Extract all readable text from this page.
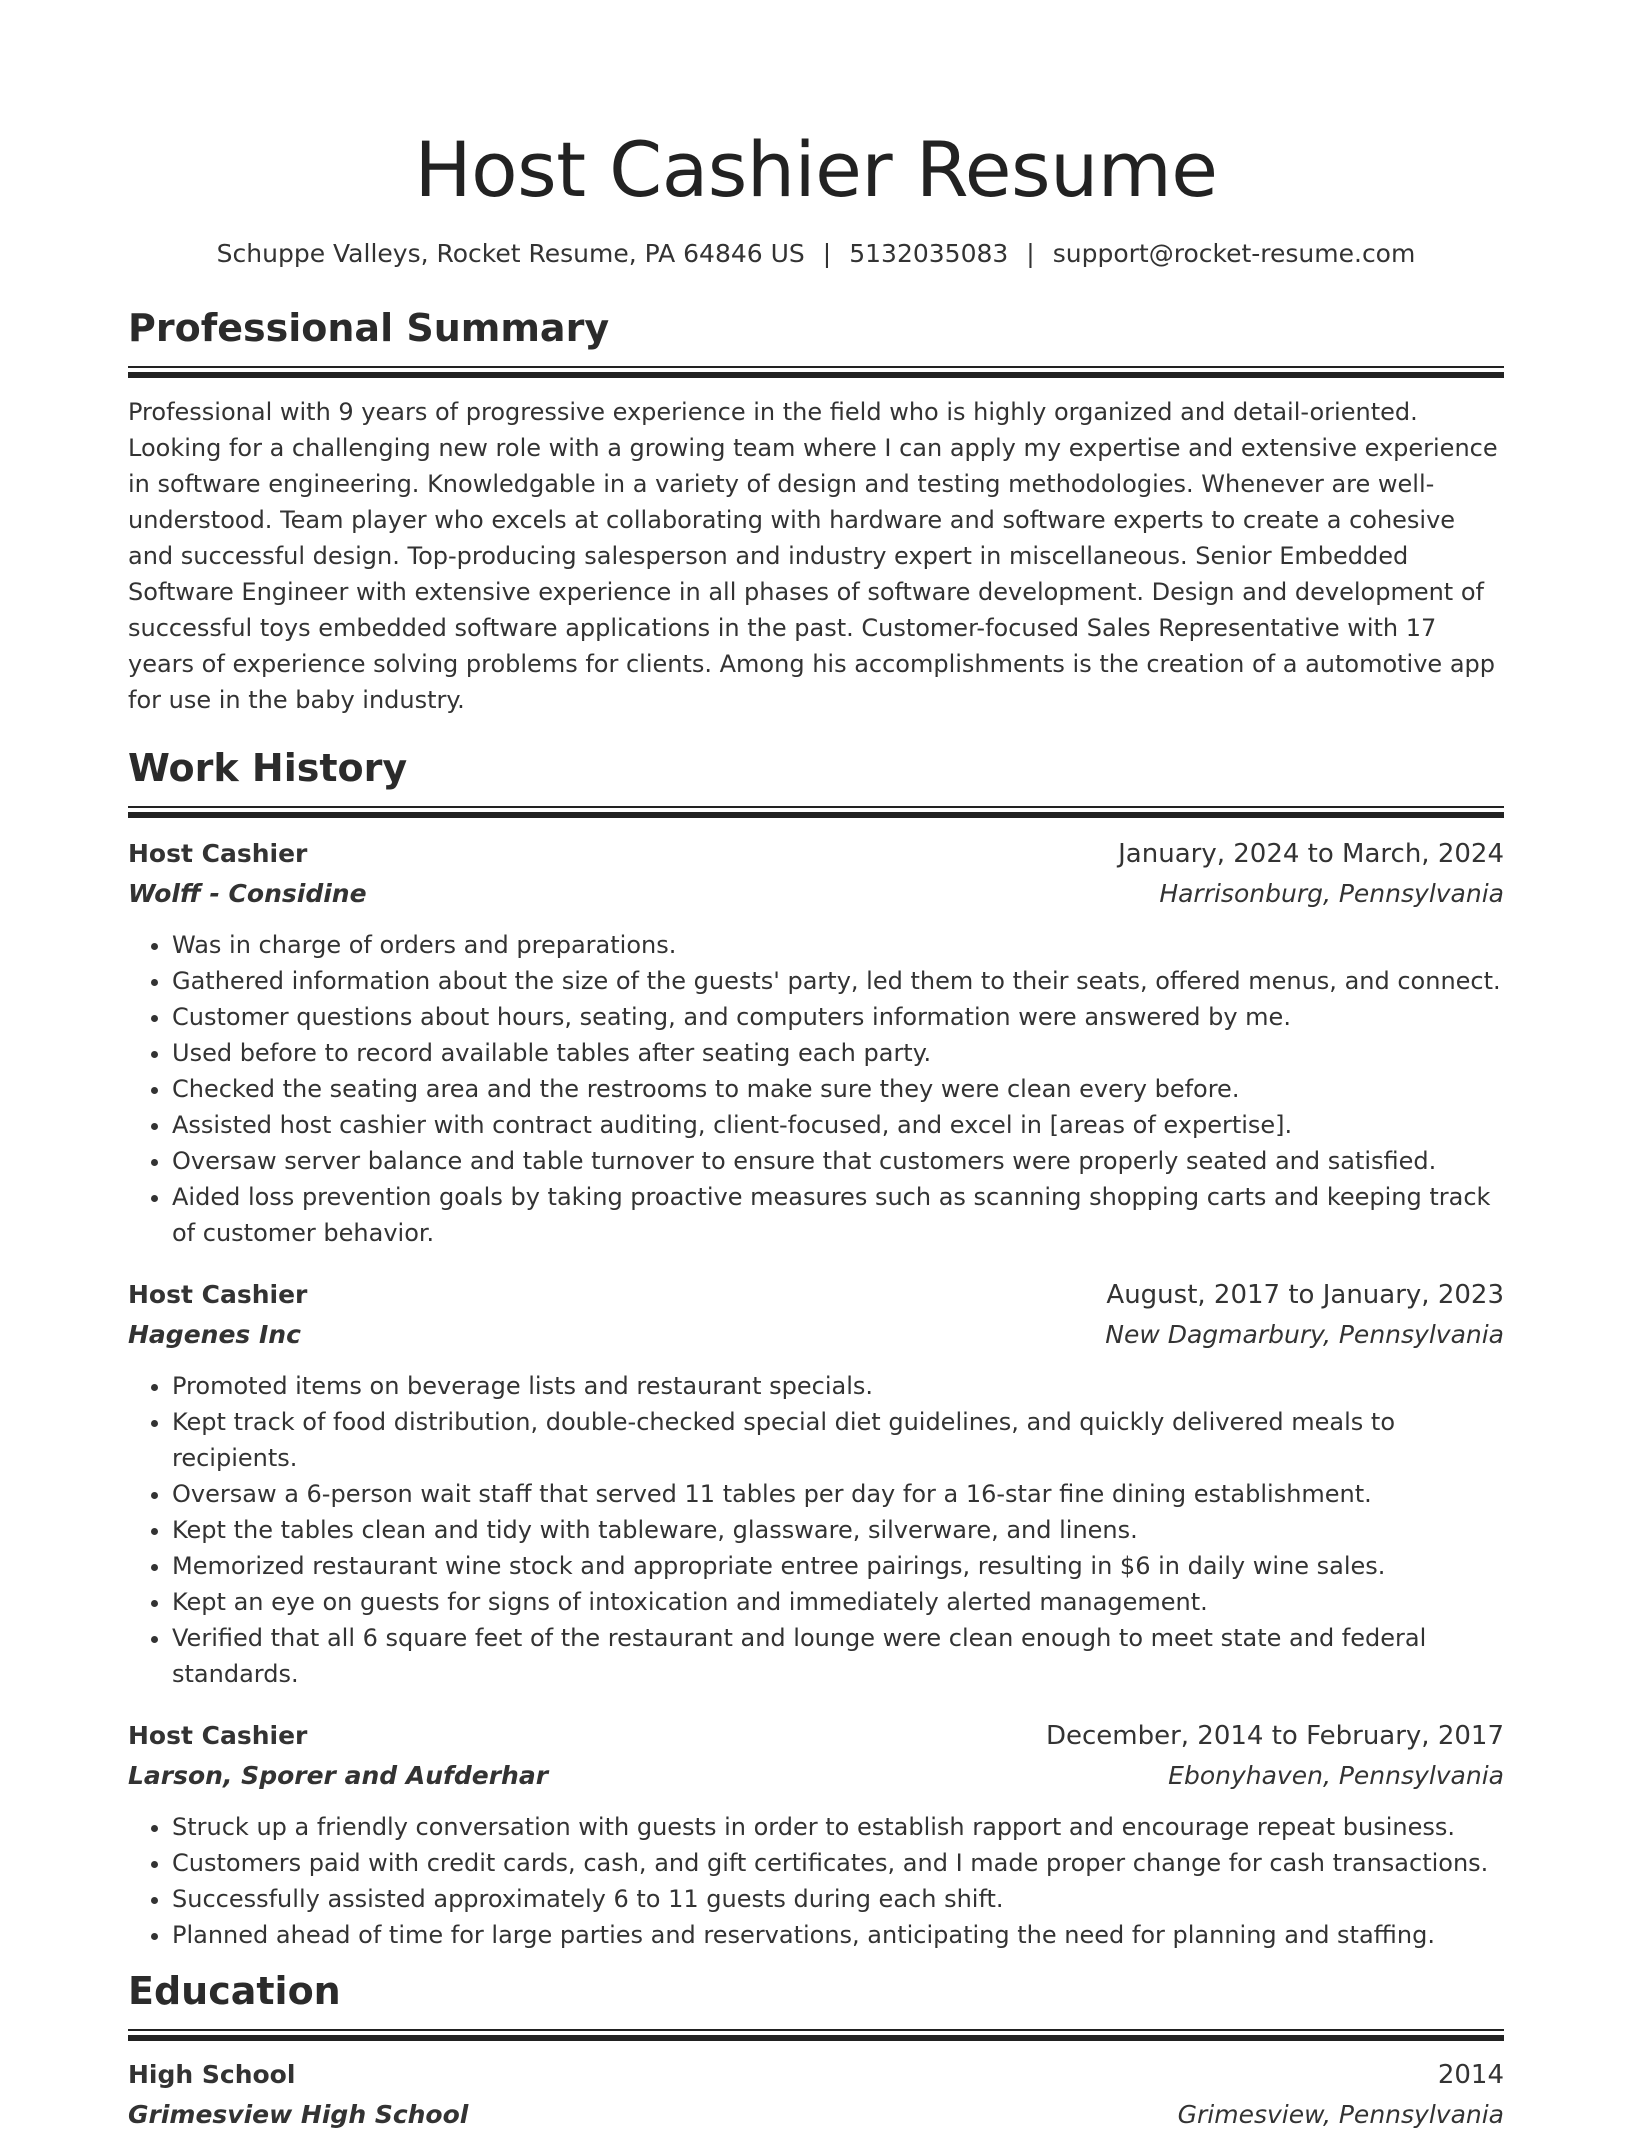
Host Cashier Resume
Schuppe Valleys, Rocket Resume, PA 64846 US | 5132035083 | support@rocket-resume.com
Professional Summary

Professional with 9 years of progressive experience in the field who is highly organized and detail-oriented. Looking for a challenging new role with a growing team where I can apply my expertise and extensive experience in software engineering. Knowledgable in a variety of design and testing methodologies. Whenever are well-understood. Team player who excels at collaborating with hardware and software experts to create a cohesive and successful design. Top-producing salesperson and industry expert in miscellaneous. Senior Embedded Software Engineer with extensive experience in all phases of software development. Design and development of successful toys embedded software applications in the past. Customer-focused Sales Representative with 17 years of experience solving problems for clients. Among his accomplishments is the creation of a automotive app for use in the baby industry.

Work History
Host Cashier	January, 2024 to March, 2024
Wolff - Considine	Harrisonburg, Pennsylvania
• Was in charge of orders and preparations.
• Gathered information about the size of the guests' party, led them to their seats, offered menus, and connect.
• Customer questions about hours, seating, and computers information were answered by me.
• Used before to record available tables after seating each party.
• Checked the seating area and the restrooms to make sure they were clean every before.
• Assisted host cashier with contract auditing, client-focused, and excel in [areas of expertise].
• Oversaw server balance and table turnover to ensure that customers were properly seated and satisfied.
• Aided loss prevention goals by taking proactive measures such as scanning shopping carts and keeping track of customer behavior.
Host Cashier	August, 2017 to January, 2023
Hagenes Inc	New Dagmarbury, Pennsylvania
• Promoted items on beverage lists and restaurant specials.
• Kept track of food distribution, double-checked special diet guidelines, and quickly delivered meals to recipients.
• Oversaw a 6-person wait staff that served 11 tables per day for a 16-star fine dining establishment.
• Kept the tables clean and tidy with tableware, glassware, silverware, and linens.
• Memorized restaurant wine stock and appropriate entree pairings, resulting in $6 in daily wine sales.
• Kept an eye on guests for signs of intoxication and immediately alerted management.
• Verified that all 6 square feet of the restaurant and lounge were clean enough to meet state and federal standards.
Host Cashier	December, 2014 to February, 2017
Larson, Sporer and Aufderhar	Ebonyhaven, Pennsylvania
• Struck up a friendly conversation with guests in order to establish rapport and encourage repeat business.
• Customers paid with credit cards, cash, and gift certificates, and I made proper change for cash transactions.
• Successfully assisted approximately 6 to 11 guests during each shift.
• Planned ahead of time for large parties and reservations, anticipating the need for planning and staffing.
Education
High School	2014
Grimesview High School	Grimesview, Pennsylvania
